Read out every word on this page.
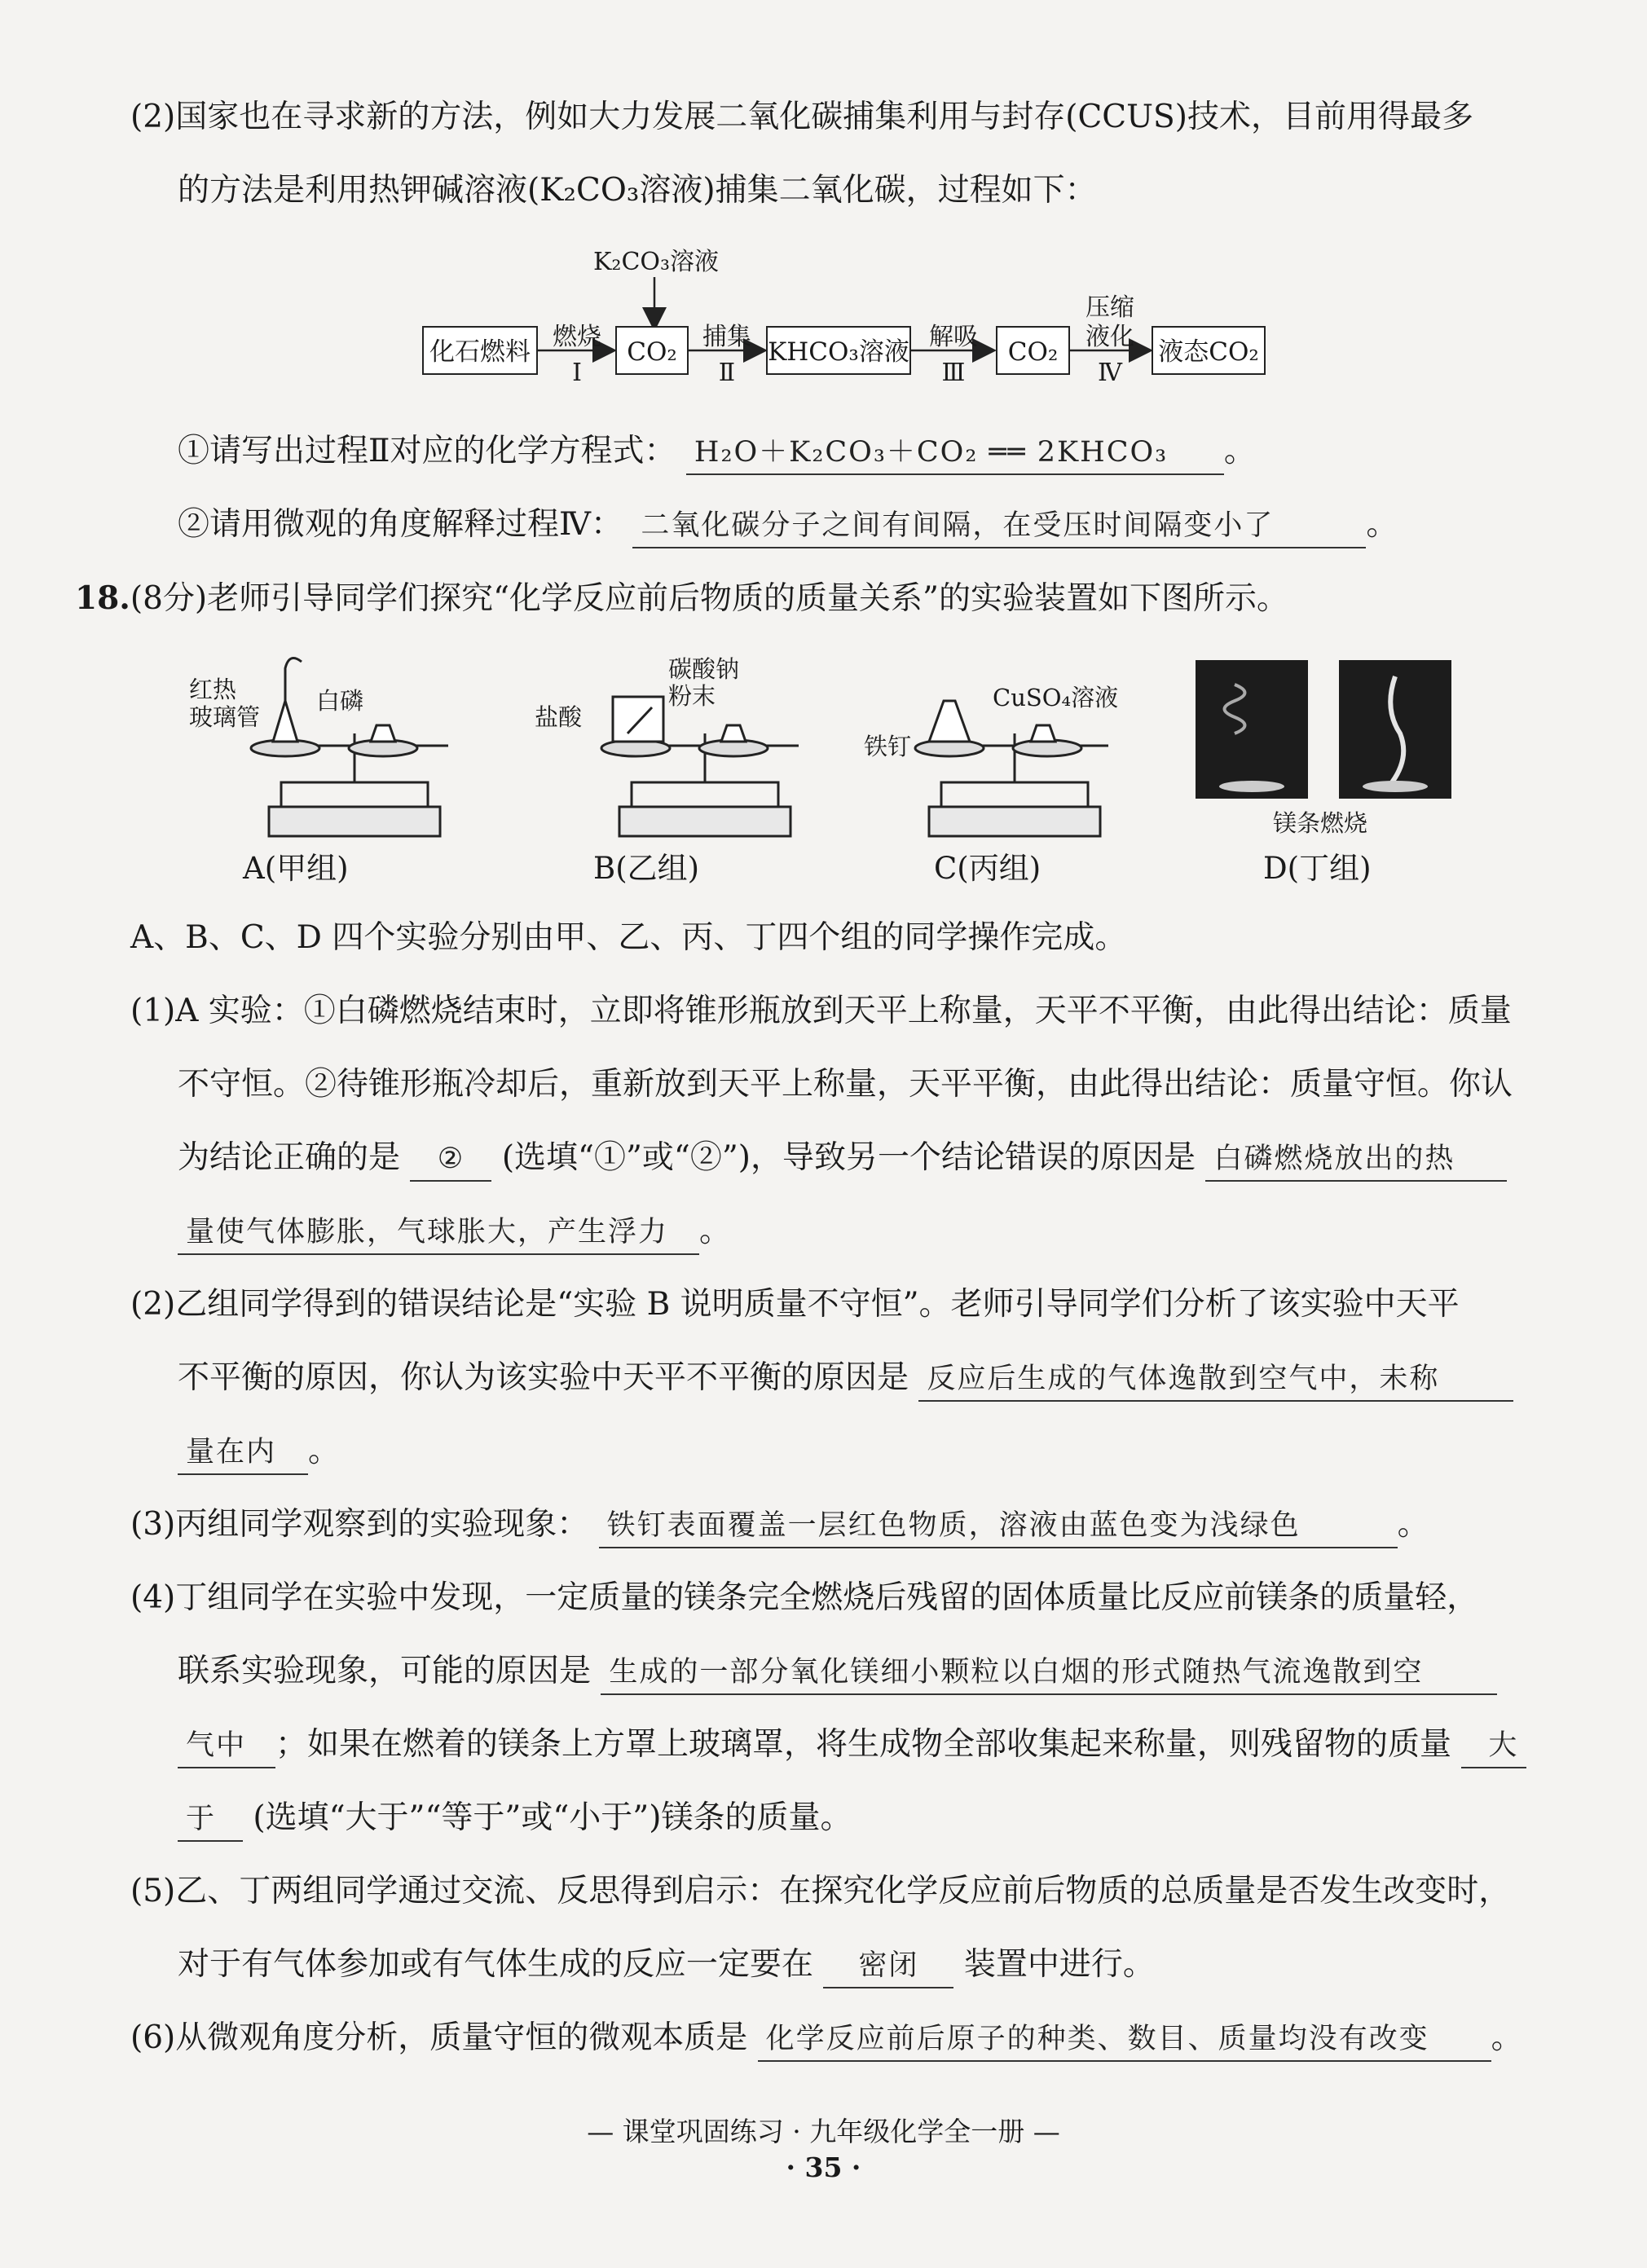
(2)国家也在寻求新的方法，例如大力发展二氧化碳捕集利用与封存(CCUS)技术，目前用得最多
的方法是利用热钾碱溶液(K₂CO₃溶液)捕集二氧化碳，过程如下：
K₂CO₃溶液
化石燃料	CO₂	KHCO₃溶液	CO₂	液态CO₂
燃烧
Ⅰ
捕集
Ⅱ
解吸
Ⅲ
压缩
液化
Ⅳ
①请写出过程Ⅱ对应的化学方程式： H₂O＋K₂CO₃＋CO₂ ══ 2KHCO₃ 。
②请用微观的角度解释过程Ⅳ： 二氧化碳分子之间有间隔，在受压时间隔变小了	。
18.(8分)老师引导同学们探究“化学反应前后物质的质量关系”的实验装置如下图所示。
红热
玻璃管
白磷
盐酸
碳酸钠
粉末
铁钉
CuSO₄溶液
镁条燃烧
A(甲组)	B(乙组)	C(丙组)	D(丁组)
A、B、C、D 四个实验分别由甲、乙、丙、丁四个组的同学操作完成。
(1)A 实验：①白磷燃烧结束时，立即将锥形瓶放到天平上称量，天平不平衡，由此得出结论：质量
不守恒。②待锥形瓶冷却后，重新放到天平上称量，天平平衡，由此得出结论：质量守恒。你认
为结论正确的是 ② (选填“①”或“②”)，导致另一个结论错误的原因是 白磷燃烧放出的热
量使气体膨胀，气球胀大，产生浮力 。
(2)乙组同学得到的错误结论是“实验 B 说明质量不守恒”。老师引导同学们分析了该实验中天平
不平衡的原因，你认为该实验中天平不平衡的原因是 反应后生成的气体逸散到空气中，未称
量在内 。
(3)丙组同学观察到的实验现象： 铁钉表面覆盖一层红色物质，溶液由蓝色变为浅绿色	。
(4)丁组同学在实验中发现，一定质量的镁条完全燃烧后残留的固体质量比反应前镁条的质量轻，
联系实验现象，可能的原因是 生成的一部分氧化镁细小颗粒以白烟的形式随热气流逸散到空
气中 ；如果在燃着的镁条上方罩上玻璃罩，将生成物全部收集起来称量，则残留物的质量 大
于 (选填“大于”“等于”或“小于”)镁条的质量。
(5)乙、丁两组同学通过交流、反思得到启示：在探究化学反应前后物质的总质量是否发生改变时，
对于有气体参加或有气体生成的反应一定要在 密闭 装置中进行。
(6)从微观角度分析，质量守恒的微观本质是 化学反应前后原子的种类、数目、质量均没有改变 。
— 课堂巩固练习 · 九年级化学全一册 —
· 35 ·
